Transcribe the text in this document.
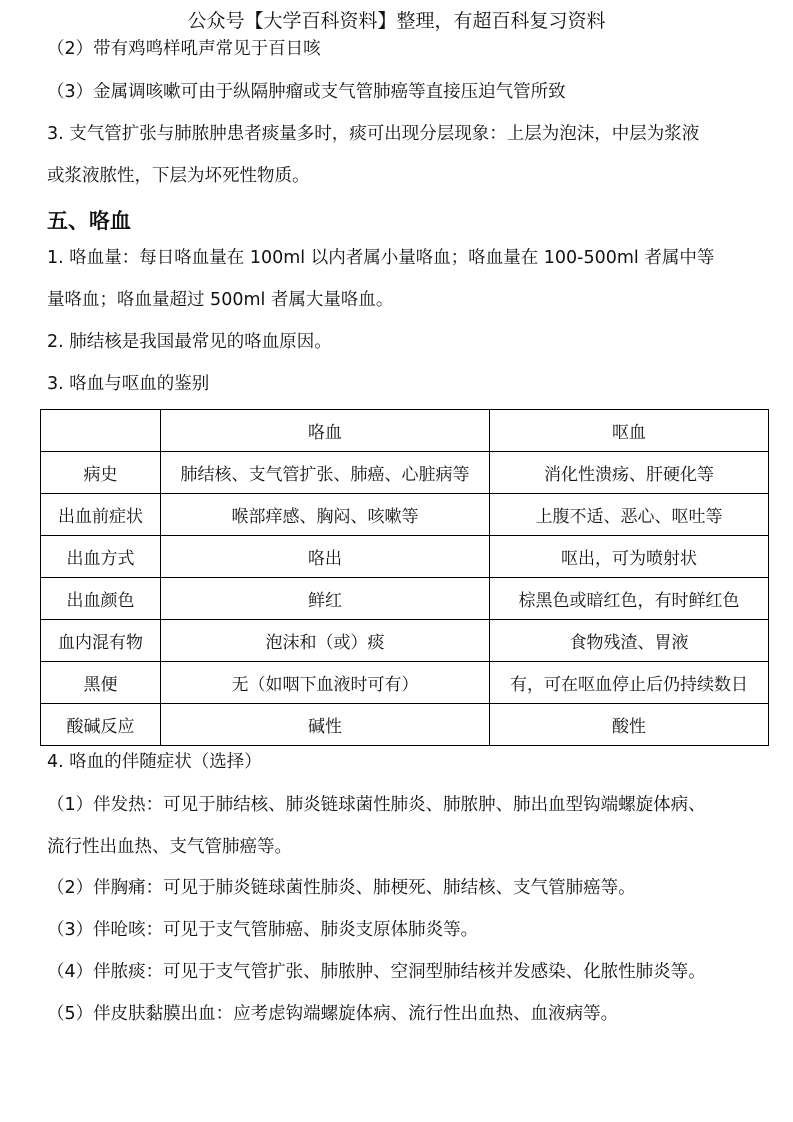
公众号【大学百科资料】整理，有超百科复习资料
（2）带有鸡鸣样吼声常见于百日咳
（3）金属调咳嗽可由于纵隔肿瘤或支气管肺癌等直接压迫气管所致
3. 支气管扩张与肺脓肿患者痰量多时，痰可出现分层现象：上层为泡沫，中层为浆液
或浆液脓性，下层为坏死性物质。
五、咯血
1. 咯血量：每日咯血量在 100ml 以内者属小量咯血；咯血量在 100-500ml 者属中等
量咯血；咯血量超过 500ml 者属大量咯血。
2. 肺结核是我国最常见的咯血原因。
3. 咯血与呕血的鉴别
	咯血	呕血
病史	肺结核、支气管扩张、肺癌、心脏病等	消化性溃疡、肝硬化等
出血前症状	喉部痒感、胸闷、咳嗽等	上腹不适、恶心、呕吐等
出血方式	咯出	呕出，可为喷射状
出血颜色	鲜红	棕黑色或暗红色，有时鲜红色
血内混有物	泡沫和（或）痰	食物残渣、胃液
黑便	无（如咽下血液时可有）	有，可在呕血停止后仍持续数日
酸碱反应	碱性	酸性
4. 咯血的伴随症状（选择）
（1）伴发热：可见于肺结核、肺炎链球菌性肺炎、肺脓肿、肺出血型钩端螺旋体病、
流行性出血热、支气管肺癌等。
（2）伴胸痛：可见于肺炎链球菌性肺炎、肺梗死、肺结核、支气管肺癌等。
（3）伴呛咳：可见于支气管肺癌、肺炎支原体肺炎等。
（4）伴脓痰：可见于支气管扩张、肺脓肿、空洞型肺结核并发感染、化脓性肺炎等。
（5）伴皮肤黏膜出血：应考虑钩端螺旋体病、流行性出血热、血液病等。
